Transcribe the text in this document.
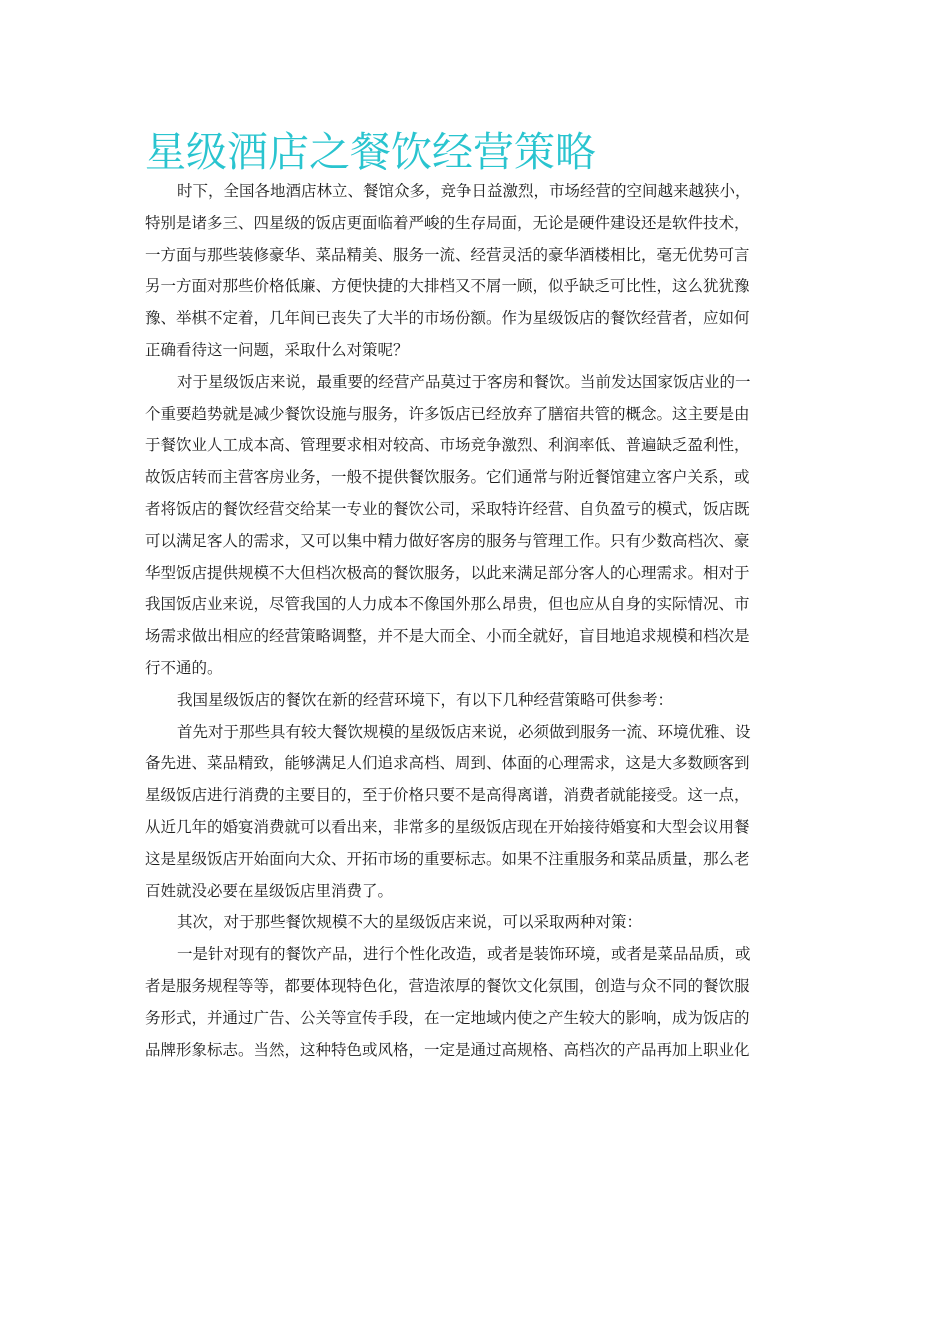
星级酒店之餐饮经营策略
时下，全国各地酒店林立、餐馆众多，竞争日益激烈，市场经营的空间越来越狭小，
特别是诸多三、四星级的饭店更面临着严峻的生存局面，无论是硬件建设还是软件技术，
一方面与那些装修豪华、菜品精美、服务一流、经营灵活的豪华酒楼相比，毫无优势可言
另一方面对那些价格低廉、方便快捷的大排档又不屑一顾，似乎缺乏可比性，这么犹犹豫
豫、举棋不定着，几年间已丧失了大半的市场份额。作为星级饭店的餐饮经营者，应如何
正确看待这一问题，采取什么对策呢？
对于星级饭店来说，最重要的经营产品莫过于客房和餐饮。当前发达国家饭店业的一
个重要趋势就是减少餐饮设施与服务，许多饭店已经放弃了膳宿共管的概念。这主要是由
于餐饮业人工成本高、管理要求相对较高、市场竞争激烈、利润率低、普遍缺乏盈利性，
故饭店转而主营客房业务，一般不提供餐饮服务。它们通常与附近餐馆建立客户关系，或
者将饭店的餐饮经营交给某一专业的餐饮公司，采取特许经营、自负盈亏的模式，饭店既
可以满足客人的需求，又可以集中精力做好客房的服务与管理工作。只有少数高档次、豪
华型饭店提供规模不大但档次极高的餐饮服务，以此来满足部分客人的心理需求。相对于
我国饭店业来说，尽管我国的人力成本不像国外那么昂贵，但也应从自身的实际情况、市
场需求做出相应的经营策略调整，并不是大而全、小而全就好，盲目地追求规模和档次是
行不通的。
我国星级饭店的餐饮在新的经营环境下，有以下几种经营策略可供参考：
首先对于那些具有较大餐饮规模的星级饭店来说，必须做到服务一流、环境优雅、设
备先进、菜品精致，能够满足人们追求高档、周到、体面的心理需求，这是大多数顾客到
星级饭店进行消费的主要目的，至于价格只要不是高得离谱，消费者就能接受。这一点，
从近几年的婚宴消费就可以看出来，非常多的星级饭店现在开始接待婚宴和大型会议用餐
这是星级饭店开始面向大众、开拓市场的重要标志。如果不注重服务和菜品质量，那么老
百姓就没必要在星级饭店里消费了。
其次，对于那些餐饮规模不大的星级饭店来说，可以采取两种对策：
一是针对现有的餐饮产品，进行个性化改造，或者是装饰环境，或者是菜品品质，或
者是服务规程等等，都要体现特色化，营造浓厚的餐饮文化氛围，创造与众不同的餐饮服
务形式，并通过广告、公关等宣传手段，在一定地域内使之产生较大的影响，成为饭店的
品牌形象标志。当然，这种特色或风格，一定是通过高规格、高档次的产品再加上职业化
